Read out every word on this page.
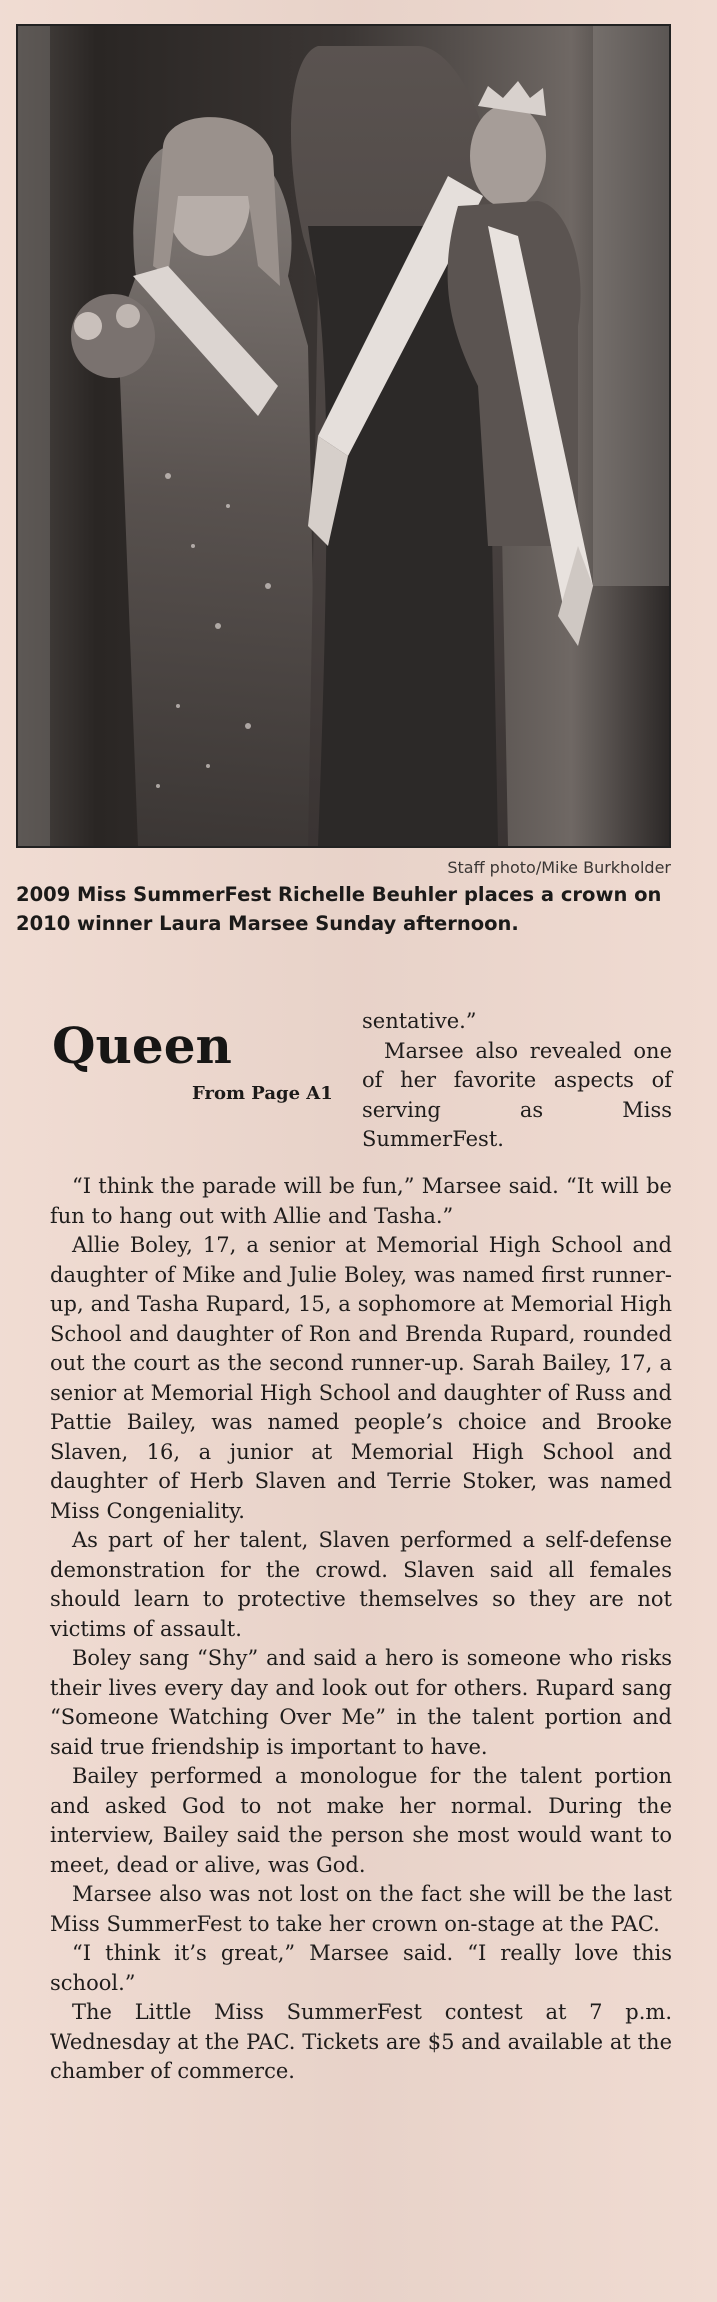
Staff photo/Mike Burkholder
2009 Miss SummerFest Richelle Beuhler places a crown on 2010 winner Laura Marsee Sunday afternoon.
Queen
From Page A1

sentative.”

Marsee also revealed one of her favorite aspects of serving as Miss SummerFest.

“I think the parade will be fun,” Marsee said. “It will be fun to hang out with Allie and Tasha.”

Allie Boley, 17, a senior at Memorial High School and daughter of Mike and Julie Boley, was named first runner-up, and Tasha Rupard, 15, a sophomore at Memorial High School and daughter of Ron and Brenda Rupard, rounded out the court as the second runner-up. Sarah Bailey, 17, a senior at Memorial High School and daughter of Russ and Pattie Bailey, was named people’s choice and Brooke Slaven, 16, a junior at Memorial High School and daughter of Herb Slaven and Terrie Stoker, was named Miss Congeniality.

As part of her talent, Slaven performed a self-defense demonstration for the crowd. Slaven said all females should learn to protective themselves so they are not victims of assault.

Boley sang “Shy” and said a hero is someone who risks their lives every day and look out for others. Rupard sang “Someone Watching Over Me” in the talent portion and said true friendship is important to have.

Bailey performed a monologue for the talent portion and asked God to not make her normal. During the interview, Bailey said the person she most would want to meet, dead or alive, was God.

Marsee also was not lost on the fact she will be the last Miss SummerFest to take her crown on-stage at the PAC.

“I think it’s great,” Marsee said. “I really love this school.”

The Little Miss SummerFest contest at 7 p.m. Wednesday at the PAC. Tickets are $5 and available at the chamber of commerce.
